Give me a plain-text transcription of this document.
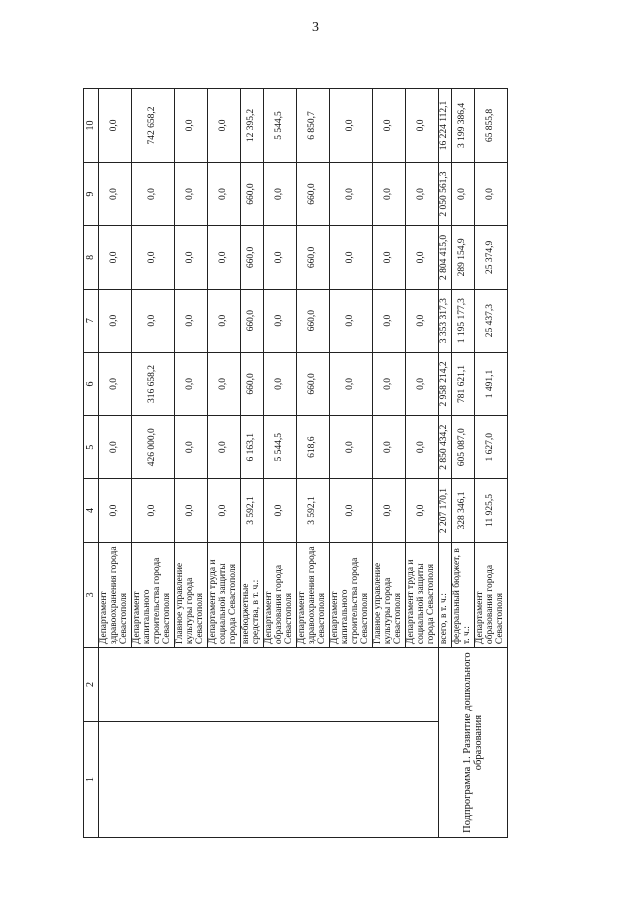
3
1	2	3	4	5	6	7	8	9	10
		Департамент здравоохранения города Севастополя	0,0	0,0	0,0	0,0	0,0	0,0	0,0
		Департамент капитального строительства города Севастополя	0,0	426 000,0	316 658,2	0,0	0,0	0,0	742 658,2
		Главное управление культуры города Севастополя	0,0	0,0	0,0	0,0	0,0	0,0	0,0
		Департамент труда и социальной защиты города Севастополя	0,0	0,0	0,0	0,0	0,0	0,0	0,0
		внебюджетные средства, в т. ч.:	3 592,1	6 163,1	660,0	660,0	660,0	660,0	12 395,2
		Департамент образования города Севастополя	0,0	5 544,5	0,0	0,0	0,0	0,0	5 544,5
		Департамент здравоохранения города Севастополя	3 592,1	618,6	660,0	660,0	660,0	660,0	6 850,7
		Департамент капитального строительства города Севастополя	0,0	0,0	0,0	0,0	0,0	0,0	0,0
		Главное управление культуры города Севастополя	0,0	0,0	0,0	0,0	0,0	0,0	0,0
		Департамент труда и социальной защиты города Севастополя	0,0	0,0	0,0	0,0	0,0	0,0	0,0
Подпрограмма 1. Развитие дошкольного образования		всего, в т. ч.:	2 207 170,1	2 850 434,2	2 958 214,2	3 353 317,3	2 804 415,0	2 050 561,3	16 224 112,1
		федеральный бюджет, в т. ч.:	328 346,1	605 087,0	781 621,1	1 195 177,3	289 154,9	0,0	3 199 386,4
		Департамент образования города Севастополя	11 925,5	1 627,0	1 491,1	25 437,3	25 374,9	0,0	65 855,8
